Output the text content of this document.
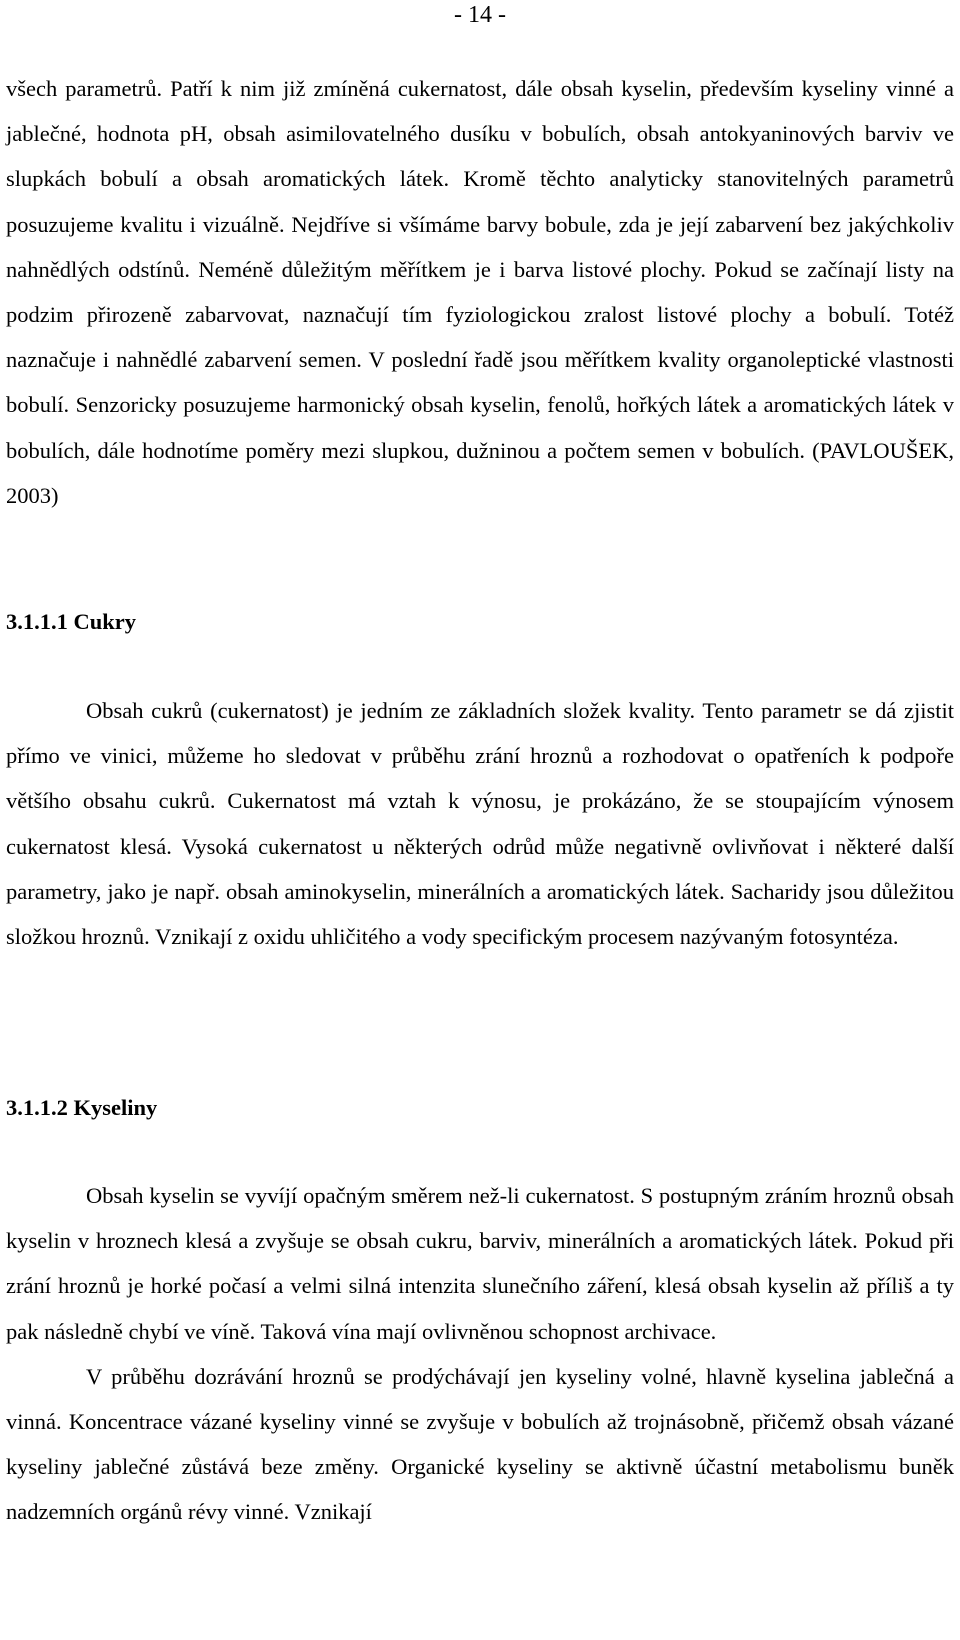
- 14 -

všech parametrů. Patří k nim již zmíněná cukernatost, dále obsah kyselin, především kyseliny vinné a jablečné, hodnota pH, obsah asimilovatelného dusíku v bobulích, obsah antokyaninových barviv ve slupkách bobulí a obsah aromatických látek. Kromě těchto analyticky stanovitelných parametrů posuzujeme kvalitu i vizuálně. Nejdříve si všímáme barvy bobule, zda je její zabarvení bez jakýchkoliv nahnědlých odstínů. Neméně důležitým měřítkem je i barva listové plochy. Pokud se začínají listy na podzim přirozeně zabarvovat, naznačují tím fyziologickou zralost listové plochy a bobulí. Totéž naznačuje i nahnědlé zabarvení semen. V poslední řadě jsou měřítkem kvality organoleptické vlastnosti bobulí. Senzoricky posuzujeme harmonický obsah kyselin, fenolů, hořkých látek a aromatických látek v bobulích, dále hodnotíme poměry mezi slupkou, dužninou a počtem semen v bobulích. (PAVLOUŠEK, 2003)

3.1.1.1 Cukry

Obsah cukrů (cukernatost) je jedním ze základních složek kvality. Tento parametr se dá zjistit přímo ve vinici, můžeme ho sledovat v průběhu zrání hroznů a rozhodovat o opatřeních k podpoře většího obsahu cukrů. Cukernatost má vztah k výnosu, je prokázáno, že se stoupajícím výnosem cukernatost klesá. Vysoká cukernatost u některých odrůd může negativně ovlivňovat i některé další parametry, jako je např. obsah aminokyselin, minerálních a aromatických látek. Sacharidy jsou důležitou složkou hroznů. Vznikají z oxidu uhličitého a vody specifickým procesem nazývaným fotosyntéza.

3.1.1.2 Kyseliny

Obsah kyselin se vyvíjí opačným směrem než-li cukernatost. S postupným zráním hroznů obsah kyselin v hroznech klesá a zvyšuje se obsah cukru, barviv, minerálních a aromatických látek. Pokud při zrání hroznů je horké počasí a velmi silná intenzita slunečního záření, klesá obsah kyselin až příliš a ty pak následně chybí ve víně. Taková vína mají ovlivněnou schopnost archivace.

V průběhu dozrávání hroznů se prodýchávají jen kyseliny volné, hlavně kyselina jablečná a vinná. Koncentrace vázané kyseliny vinné se zvyšuje v bobulích až trojnásobně, přičemž obsah vázané kyseliny jablečné zůstává beze změny. Organické kyseliny se aktivně účastní metabolismu buněk nadzemních orgánů révy vinné. Vznikají
